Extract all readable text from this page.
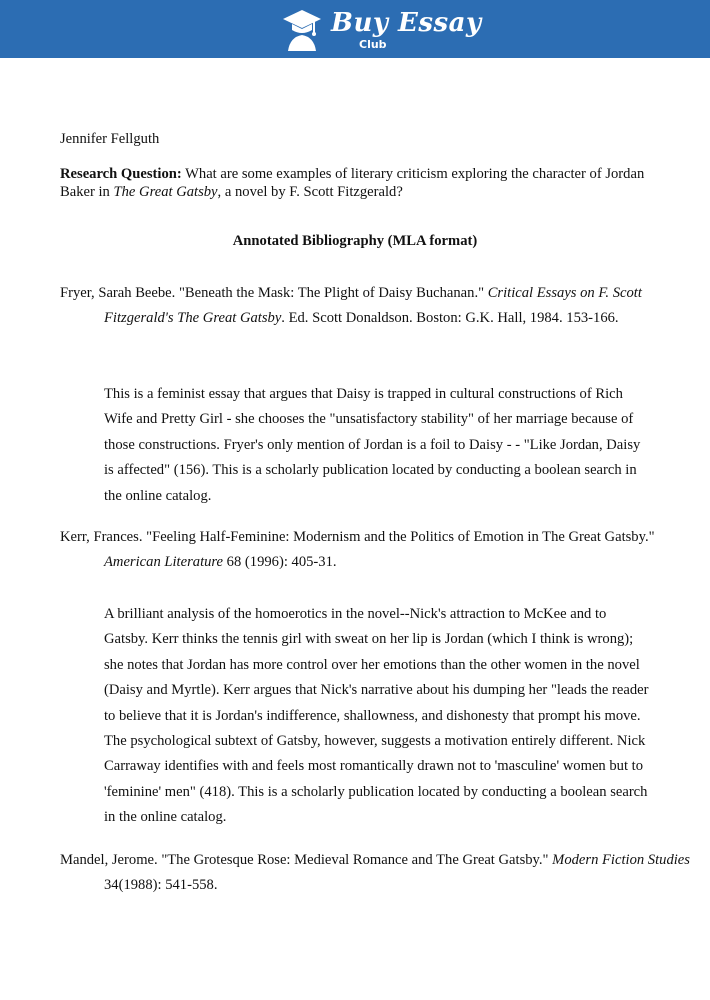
Buy Essay
Club
Jennifer Fellguth
Research Question: What are some examples of literary criticism exploring the character of Jordan Baker in The Great Gatsby, a novel by F. Scott Fitzgerald?
Annotated Bibliography (MLA format)
Fryer, Sarah Beebe. "Beneath the Mask: The Plight of Daisy Buchanan." Critical Essays on F. Scott Fitzgerald's The Great Gatsby. Ed. Scott Donaldson. Boston: G.K. Hall, 1984. 153-166.
This is a feminist essay that argues that Daisy is trapped in cultural constructions of Rich Wife and Pretty Girl - she chooses the "unsatisfactory stability" of her marriage because of those constructions. Fryer's only mention of Jordan is a foil to Daisy - - "Like Jordan, Daisy is affected" (156). This is a scholarly publication located by conducting a boolean search in the online catalog.
Kerr, Frances. "Feeling Half-Feminine: Modernism and the Politics of Emotion in The Great Gatsby." American Literature 68 (1996): 405-31.
A brilliant analysis of the homoerotics in the novel--Nick's attraction to McKee and to Gatsby. Kerr thinks the tennis girl with sweat on her lip is Jordan (which I think is wrong); she notes that Jordan has more control over her emotions than the other women in the novel (Daisy and Myrtle). Kerr argues that Nick's narrative about his dumping her "leads the reader to believe that it is Jordan's indifference, shallowness, and dishonesty that prompt his move. The psychological subtext of Gatsby, however, suggests a motivation entirely different. Nick Carraway identifies with and feels most romantically drawn not to 'masculine' women but to 'feminine' men" (418). This is a scholarly publication located by conducting a boolean search in the online catalog.
Mandel, Jerome. "The Grotesque Rose: Medieval Romance and The Great Gatsby." Modern Fiction Studies 34(1988): 541-558.
